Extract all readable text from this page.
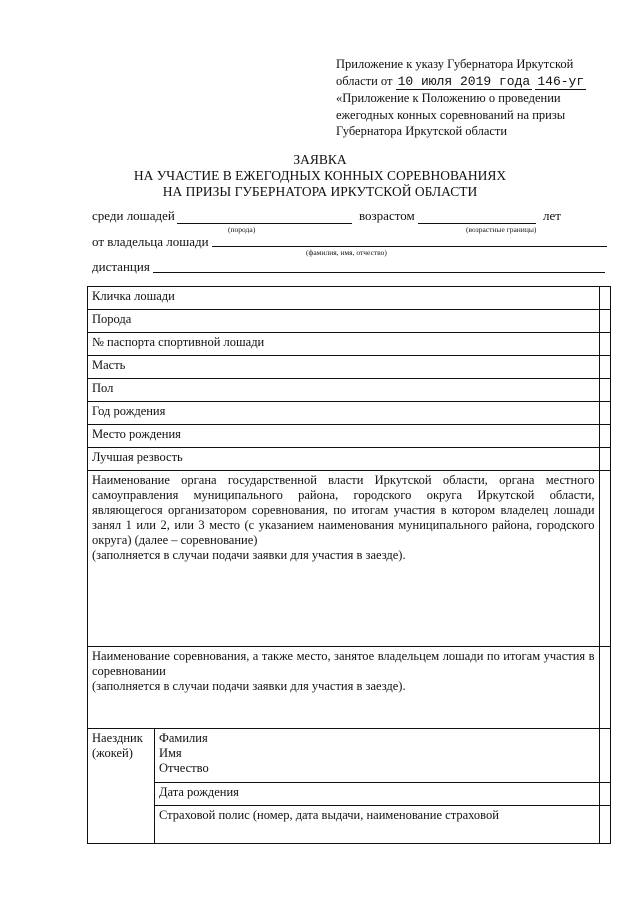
Приложение к указу Губернатора Иркутской
области от 10 июля 2019 года 146-уг
«Приложение к Положению о проведении
ежегодных конных соревнований на призы
Губернатора Иркутской области
ЗАЯВКА
НА УЧАСТИЕ В ЕЖЕГОДНЫХ КОННЫХ СОРЕВНОВАНИЯХ
НА ПРИЗЫ ГУБЕРНАТОРА ИРКУТСКОЙ ОБЛАСТИ
среди лошадей
(порода)
возрастом
(возрастные границы)
лет
от владельца лошади
(фамилия, имя, отчество)
дистанция
Кличка лошади		
Порода		
№ паспорта спортивной лошади		
Масть		
Пол		
Год рождения		
Место рождения		
Лучшая резвость		

Наименование органа государственной власти Иркутской области, органа местного самоуправления муниципального района, городского округа Иркутской области, являющегося организатором соревнования, по итогам участия в котором владелец лошади занял 1 или 2, или 3 место (с указанием наименования муниципального района, городского округа) (далее – соревнование)
(заполняется в случаи подачи заявки для участия в заезде).		

Наименование соревнования, а также место, занятое владельцем лошади по итогам участия в соревновании
(заполняется в случаи подачи заявки для участия в заезде).		

Наездник (жокей)	Фамилия
Имя
Отчество	

	Дата рождения	
	Страховой полис (номер, дата выдачи, наименование страховой	
